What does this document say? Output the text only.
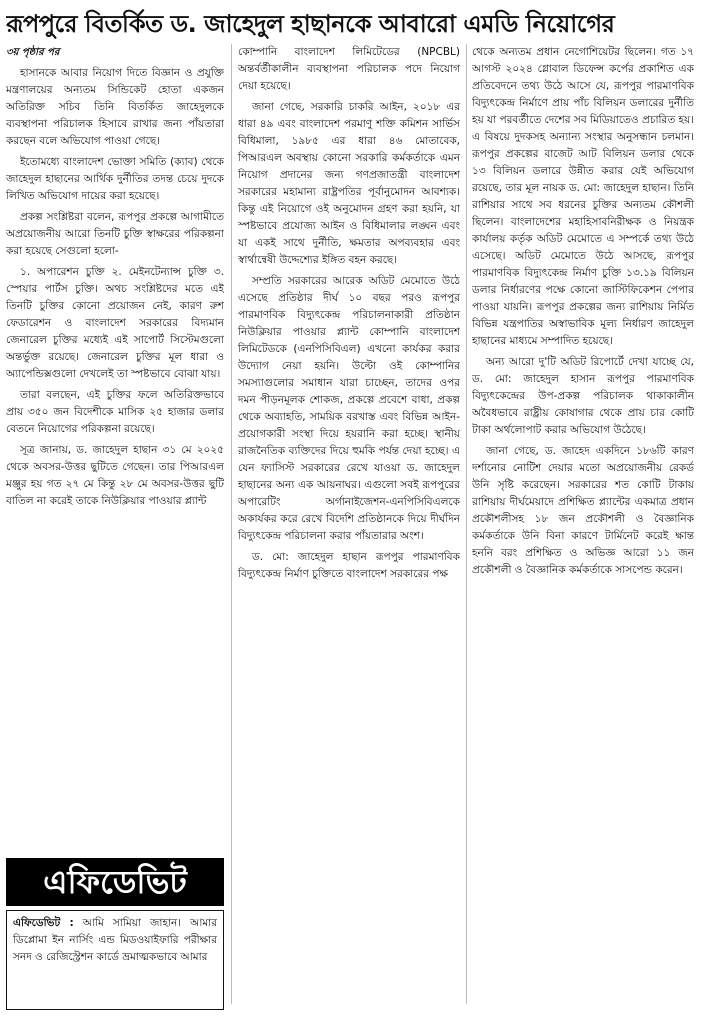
রূপপুরে বিতর্কিত ড. জাহেদুল হাছানকে আবারো এমডি নিয়োগের

৩য় পৃষ্ঠার পর

হাসানকে আবার নিয়োগ দিতে বিজ্ঞান ও প্রযুক্তি মন্ত্রণালয়ের অন্যতম সিন্ডিকেট হোতা একজন অতিরিক্ত সচিব তিনি বিতর্কিত জাহেদুলকে ব্যবস্থাপনা পরিচালক হিসাবে রাখার জন্য পাঁয়তারা করছেন বলে অভিযোগ পাওয়া গেছে।

ইতোমধ্যে বাংলাদেশ ভোক্তা সমিতি (ক্যাব) থেকে জাহেদুল হাছানের আর্থিক দুর্নীতির তদন্ত চেয়ে দুদকে লিখিত অভিযোগ দায়ের করা হয়েছে।

প্রকল্প সংশ্লিষ্টরা বলেন, রূপপুর প্রকল্পে আগামীতে অপ্রয়োজনীয় আরো তিনটি চুক্তি স্বাক্ষরের পরিকল্পনা করা হয়েছে সেগুলো হলো-

১. অপারেশন চুক্তি ২. মেইনটেন্যান্স চুক্তি ৩. স্পেয়ার পার্টস চুক্তি। অথচ সংশ্লিষ্টদের মতে এই তিনটি চুক্তির কোনো প্রয়োজন নেই, কারণ রুশ ফেডারেশন ও বাংলাদেশ সরকারের বিদ্যমান জেনারেল চুক্তির মধ্যেই এই সাপোর্ট সিস্টেমগুলো অন্তর্ভুক্ত রয়েছে। জেনারেল চুক্তির মূল ধারা ও অ্যাপেন্ডিক্সগুলো দেখলেই তা স্পষ্টভাবে বোঝা যায়।

তারা বলছেন, এই চুক্তির ফলে অতিরিক্তভাবে প্রায় ৩৫০ জন বিদেশীকে মাসিক ২৫ হাজার ডলার বেতনে নিয়োগের পরিকল্পনা রয়েছে।

সূত্র জানায়, ড. জাহেদুল হাছান ৩১ মে ২০২৫ থেকে অবসর-উত্তর ছুটিতে গেছেন। তার পিআরএল মঞ্জুর হয় গত ২৭ মে কিন্তু ২৮ মে অবসর-উত্তর ছুটি বাতিল না করেই তাকে নিউক্লিয়ার পাওয়ার প্ল্যান্ট

এফিডেভিট
এফিডেভিট : আমি সামিয়া জাহান। আমার ডিপ্লোমা ইন নার্সিং এন্ড মিডওয়াইফারি পরীক্ষার সনদ ও রেজিস্ট্রেশন কার্ডে ভ্রমাত্মকভাবে আমার

কোম্পানি বাংলাদেশ লিমিটেডের (NPCBL) অন্তর্বর্তীকালীন ব্যবস্থাপনা পরিচালক পদে নিয়োগ দেয়া হয়েছে।

জানা গেছে, সরকারি চাকরি আইন, ২০১৮ এর ধারা ৪৯ এবং বাংলাদেশ পরমাণু শক্তি কমিশন সার্ভিস বিধিমালা, ১৯৮৫ এর ধারা ৪৬ মোতাবেক, পিআরএল অবস্থায় কোনো সরকারি কর্মকর্তাকে এমন নিয়োগ প্রদানের জন্য গণপ্রজাতন্ত্রী বাংলাদেশ সরকারের মহামান্য রাষ্ট্রপতির পূর্বানুমোদন আবশ্যক। কিন্তু এই নিয়োগে ওই অনুমোদন গ্রহণ করা হয়নি, যা স্পষ্টভাবে প্রযোজ্য আইন ও বিধিমালার লঙ্ঘন এবং যা একই সাথে দুর্নীতি, ক্ষমতার অপব্যবহার এবং স্বার্থান্বেষী উদ্দেশ্যের ইঙ্গিত বহন করছে।

সম্প্রতি সরকারের আরেক অডিট মেমোতে উঠে এসেছে প্রতিষ্ঠার দীর্ঘ ১০ বছর পরও রূপপুর পারমাণবিক বিদ্যুৎকেন্দ্র পরিচালনাকারী প্রতিষ্ঠান নিউক্লিয়ার পাওয়ার প্ল্যান্ট কোম্পানি বাংলাদেশ লিমিটেডকে (এনপিসিবিএল) এখনো কার্যকর করার উদ্যোগ নেয়া হয়নি। উল্টো ওই কোম্পানির সমস্যাগুলোর সমাধান যারা চাচ্ছেন, তাদের ওপর দমন পীড়নমূলক শোকজ, প্রকল্পে প্রবেশে বাধা, প্রকল্প থেকে অব্যাহতি, সাময়িক বরখাস্ত এবং বিভিন্ন আইন-প্রয়োগকারী সংস্থা দিয়ে হয়রানি করা হচ্ছে। স্থানীয় রাজনৈতিক ব্যক্তিদের দিয়ে হুমকি পর্যন্ত দেয়া হচ্ছে। এ যেন ফ্যাসিস্ট সরকারের রেখে যাওয়া ড. জাহেদুল হাছানের অন্য এক আয়নাঘর। এগুলো সবই রূপপুরের অপারেটিং অর্গানাইজেশন-এনপিসিবিএলকে অকার্যকর করে রেখে বিদেশি প্রতিষ্ঠানকে দিয়ে দীর্ঘদিন বিদ্যুৎকেন্দ্র পরিচালনা করার পাঁয়তারার অংশ।

ড. মো: জাহেদুল হাছান রূপপুর পারমাণবিক বিদ্যুৎকেন্দ্র নির্মাণ চুক্তিতে বাংলাদেশ সরকারের পক্ষ

থেকে অন্যতম প্রধান নেগোশিয়েটর ছিলেন। গত ১৭ আগস্ট ২০২৪ গ্লোবাল ডিফেন্স কর্পের প্রকাশিত এক প্রতিবেদনে তথ্য উঠে আসে যে, রূপপুর পারমাণবিক বিদ্যুৎকেন্দ্র নির্মাণে প্রায় পাঁচ বিলিয়ন ডলারের দুর্নীতি হয় যা পরবর্তীতে দেশের সব মিডিয়াতেও প্রচারিত হয়। এ বিষয়ে দুদকসহ অন্যান্য সংস্থার অনুসন্ধান চলমান। রূপপুর প্রকল্পের বাজেট আট বিলিয়ন ডলার থেকে ১৩ বিলিয়ন ডলারে উন্নীত করার যেই অভিযোগ রয়েছে, তার মূল নায়ক ড. মো: জাহেদুল হাছান। তিনি রাশিয়ার সাথে সব ধরনের চুক্তির অন্যতম কৌশলী ছিলেন। বাংলাদেশের মহাহিসাবনিরীক্ষক ও নিয়ন্ত্রক কার্যালয় কর্তৃক অডিট মেমোতে এ সম্পর্কে তথ্য উঠে এসেছে। অডিট মেমোতে উঠে আসছে, রূপপুর পারমাণবিক বিদ্যুৎকেন্দ্র নির্মাণ চুক্তি ১৩.১৯ বিলিয়ন ডলার নির্ধারণের পক্ষে কোনো জাস্টিফিকেশন পেপার পাওয়া যায়নি। রূপপুর প্রকল্পের জন্য রাশিয়ায় নির্মিত বিভিন্ন যন্ত্রপাতির অস্বাভাবিক মূল্য নির্ধারণ জাহেদুল হাছানের মাধ্যমে সম্পাদিত হয়েছে।

অন্য আরো দু'টি অডিট রিপোর্টে দেখা যাচ্ছে যে, ড. মো: জাহেদুল হাসান রূপপুর পারমাণবিক বিদ্যুৎকেন্দ্রের উপ-প্রকল্প পরিচালক থাকাকালীন অবৈধভাবে রাষ্ট্রীয় কোষাগার থেকে প্রায় চার কোটি টাকা অর্থলোপাট করার অভিযোগ উঠেছে।

জানা গেছে, ড. জাহেদ একদিনে ১৮৬টি কারণ দর্শানোর নোটিশ দেয়ার মতো অপ্রয়োজনীয় রেকর্ড উনি সৃষ্টি করেছেন। সরকারের শত কোটি টাকায় রাশিয়ায় দীর্ঘমেয়াদে প্রশিক্ষিত প্ল্যান্টের একমাত্র প্রধান প্রকৌশলীসহ ১৮ জন প্রকৌশলী ও বৈজ্ঞানিক কর্মকর্তাকে উনি বিনা কারণে টার্মিনেট করেই ক্ষান্ত হননি বরং প্রশিক্ষিত ও অভিজ্ঞ আরো ১১ জন প্রকৌশলী ও বৈজ্ঞানিক কর্মকর্তাকে সাসপেন্ড করেন।
